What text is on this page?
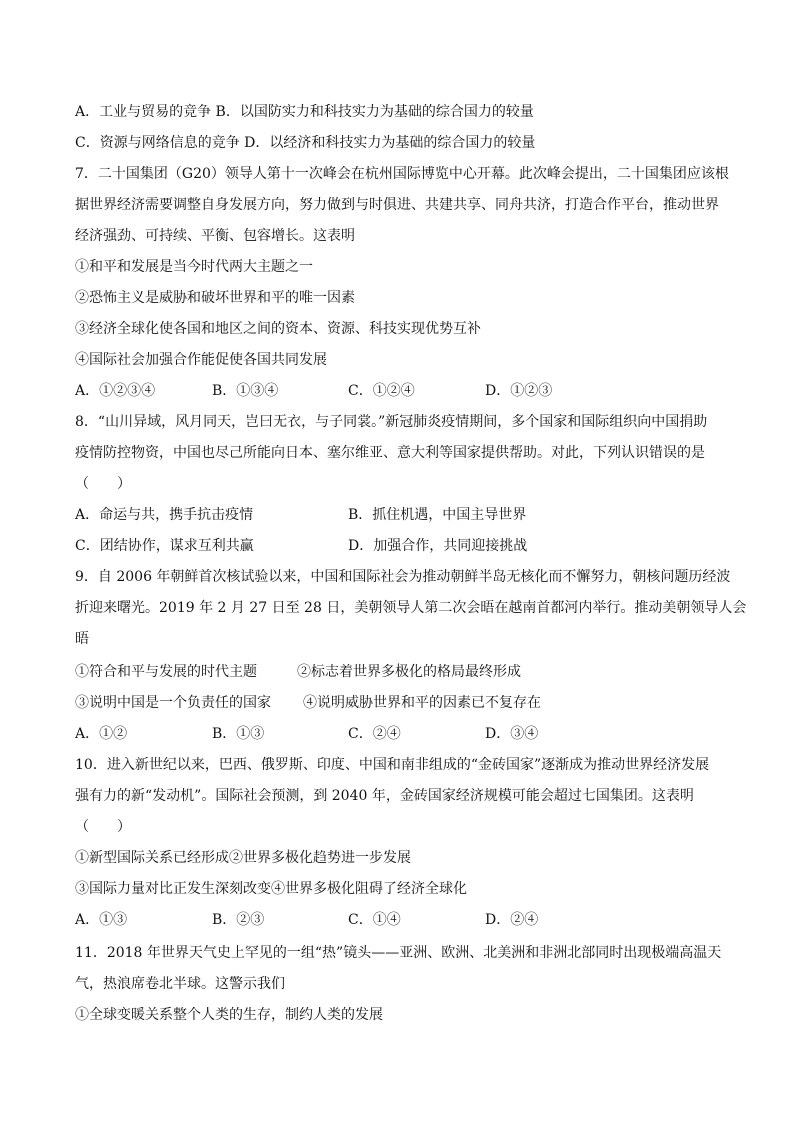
A．工业与贸易的竞争 B．以国防实力和科技实力为基础的综合国力的较量
C．资源与网络信息的竞争 D．以经济和科技实力为基础的综合国力的较量
7．二十国集团（G20）领导人第十一次峰会在杭州国际博览中心开幕。此次峰会提出，二十国集团应该根
据世界经济需要调整自身发展方向，努力做到与时俱进、共建共享、同舟共济，打造合作平台，推动世界
经济强劲、可持续、平衡、包容增长。这表明
①和平和发展是当今时代两大主题之一
②恐怖主义是威胁和破坏世界和平的唯一因素
③经济全球化使各国和地区之间的资本、资源、科技实现优势互补
④国际社会加强合作能促使各国共同发展
A．①②③④	B．①③④	C．①②④	D．①②③
8．“山川异域，风月同天，岂曰无衣，与子同裳。”新冠肺炎疫情期间，多个国家和国际组织向中国捐助
疫情防控物资，中国也尽己所能向日本、塞尔维亚、意大利等国家提供帮助。对此，下列认识错误的是
（　　）
A．命运与共，携手抗击疫情	B．抓住机遇，中国主导世界
C．团结协作，谋求互利共赢	D．加强合作，共同迎接挑战
9．自 2006 年朝鲜首次核试验以来，中国和国际社会为推动朝鲜半岛无核化而不懈努力，朝核问题历经波
折迎来曙光。2019 年 2 月 27 日至 28 日，美朝领导人第二次会晤在越南首都河内举行。推动美朝领导人会
晤
①符合和平与发展的时代主题	②标志着世界多极化的格局最终形成
③说明中国是一个负责任的国家 ④说明威胁世界和平的因素已不复存在
A．①②	B．①③	C．②④	D．③④
10．进入新世纪以来，巴西、俄罗斯、印度、中国和南非组成的“金砖国家”逐渐成为推动世界经济发展
强有力的新“发动机”。国际社会预测，到 2040 年，金砖国家经济规模可能会超过七国集团。这表明
（　　）
①新型国际关系已经形成②世界多极化趋势进一步发展
③国际力量对比正发生深刻改变④世界多极化阻碍了经济全球化
A．①③	B．②③	C．①④	D．②④
11．2018 年世界天气史上罕见的一组“热”镜头——亚洲、欧洲、北美洲和非洲北部同时出现极端高温天
气，热浪席卷北半球。这警示我们
①全球变暖关系整个人类的生存，制约人类的发展
